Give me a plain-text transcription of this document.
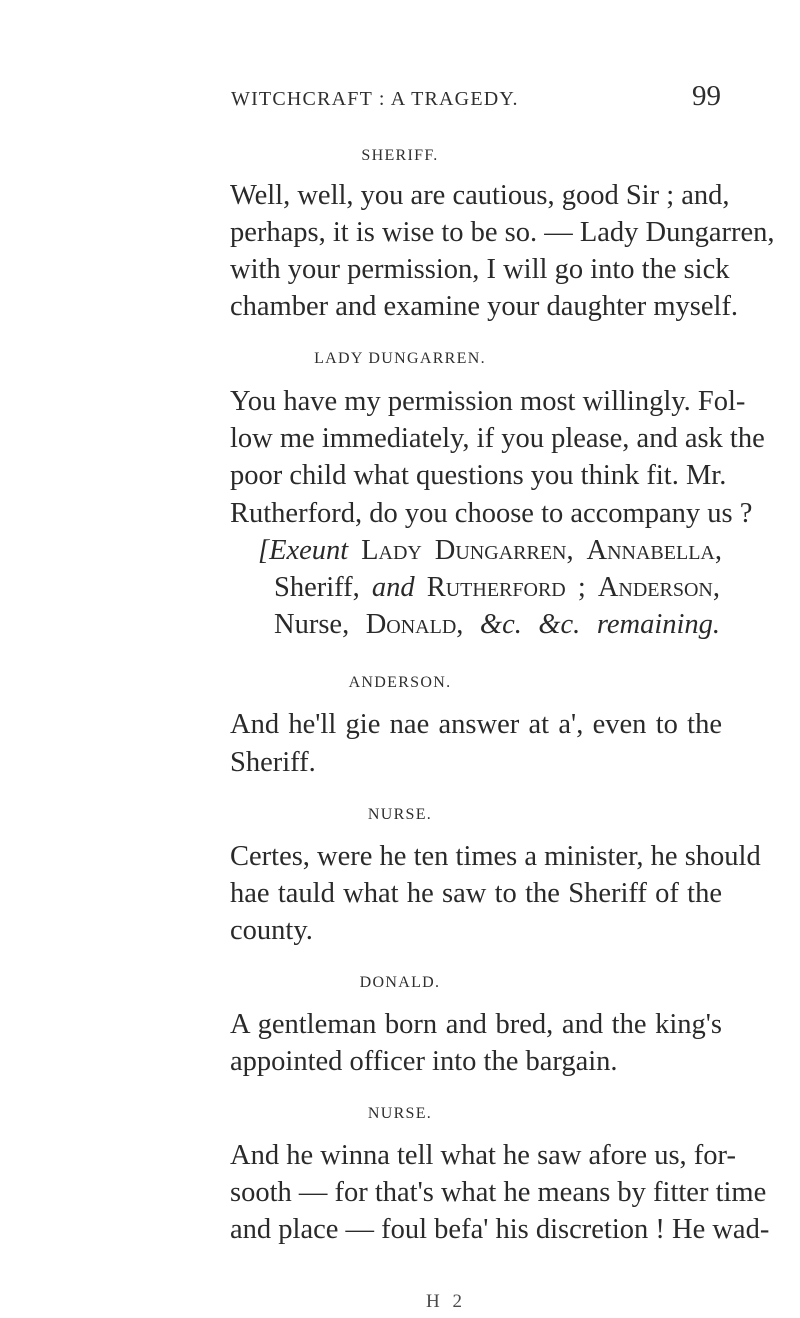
WITCHCRAFT : A TRAGEDY.	99
SHERIFF.
Well, well, you are cautious, good Sir ; and,
perhaps, it is wise to be so. — Lady Dungarren,
with your permission, I will go into the sick
chamber and examine your daughter myself.
LADY DUNGARREN.
You have my permission most willingly. Fol-
low me immediately, if you please, and ask the
poor child what questions you think fit. Mr.
Rutherford, do you choose to accompany us ?
[Exeunt Lady Dungarren, Annabella,
Sheriff, and Rutherford ; Anderson,
Nurse, Donald, &c. &c. remaining.
ANDERSON.
And he'll gie nae answer at a', even to the
Sheriff.
NURSE.
Certes, were he ten times a minister, he should
hae tauld what he saw to the Sheriff of the
county.
DONALD.
A gentleman born and bred, and the king's
appointed officer into the bargain.
NURSE.
And he winna tell what he saw afore us, for-
sooth — for that's what he means by fitter time
and place — foul befa' his discretion ! He wad-
H 2
